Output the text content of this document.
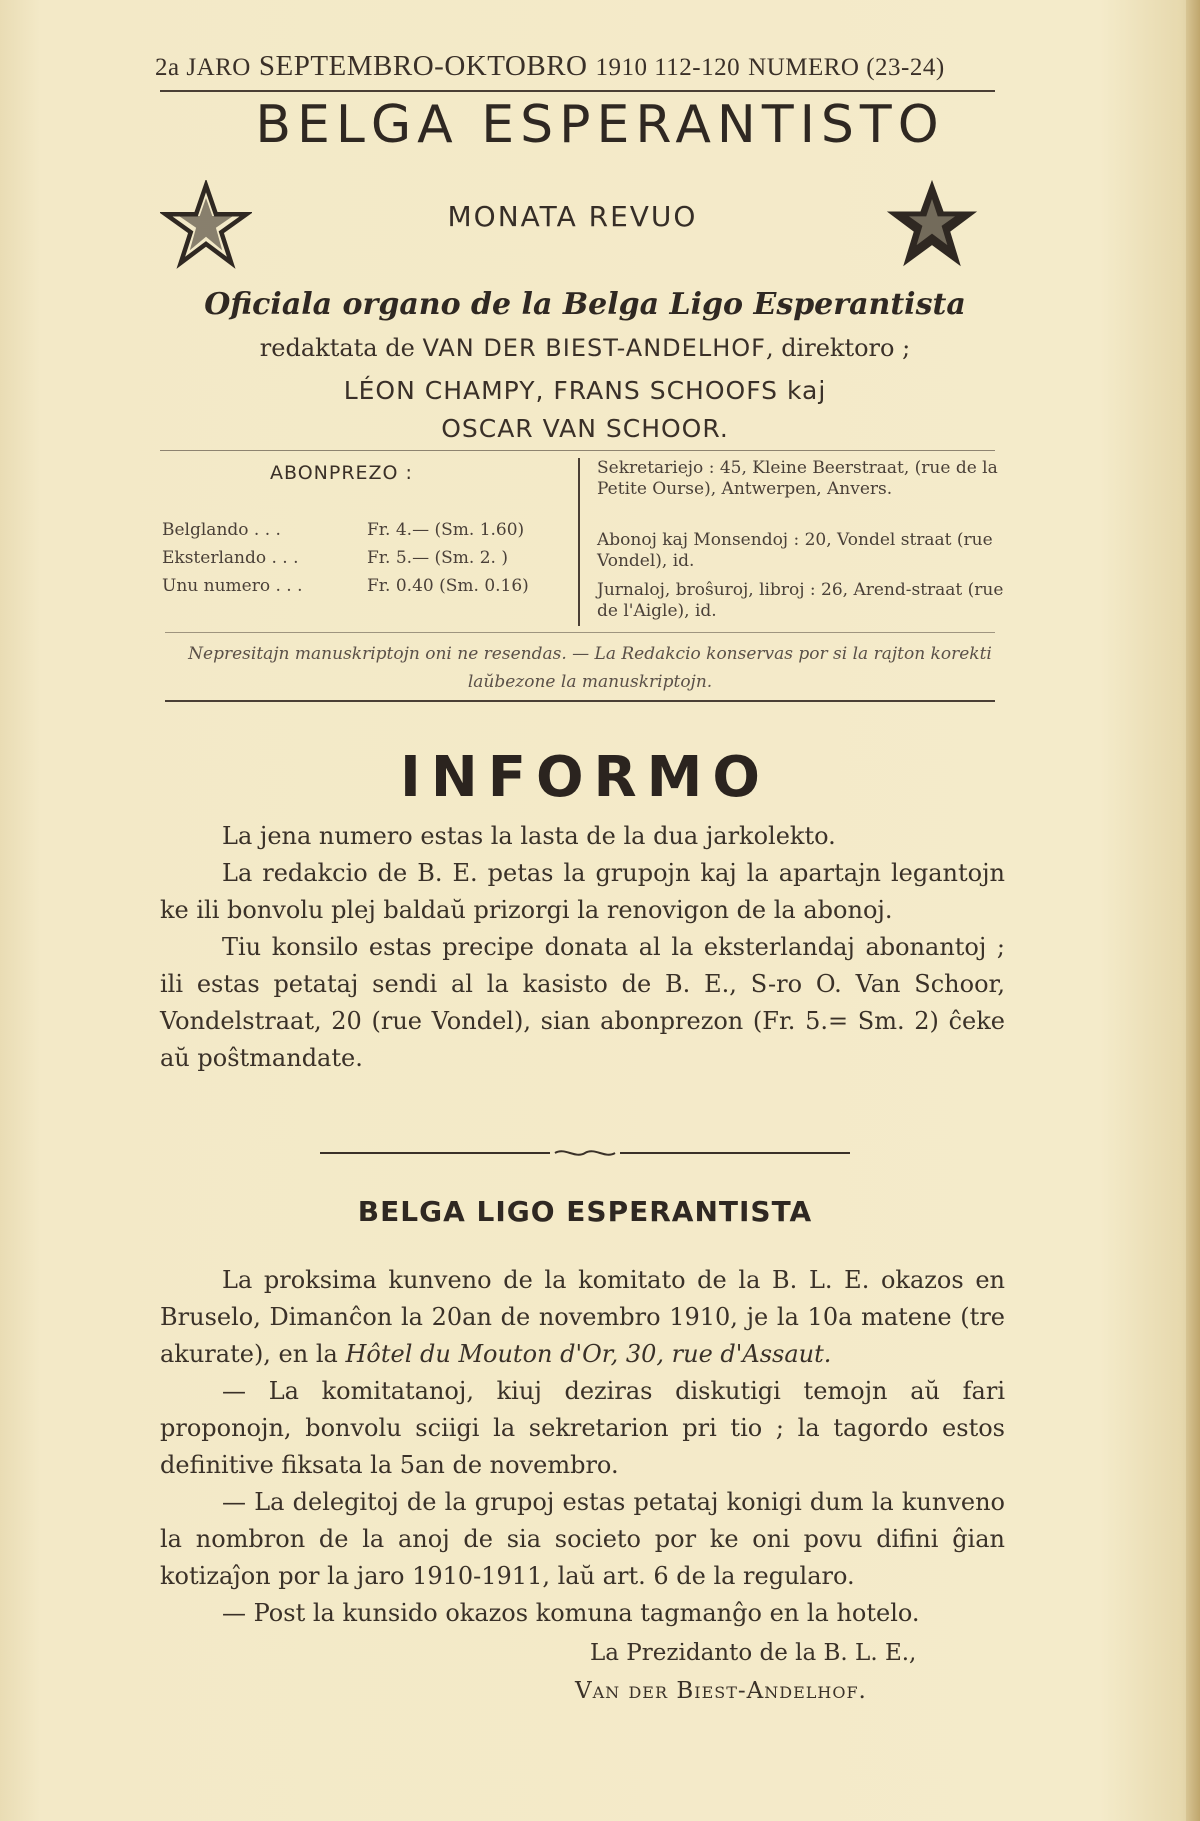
2a JARO SEPTEMBRO-OKTOBRO 1910 112-120 NUMERO (23-24)
BELGA ESPERANTISTO
MONATA REVUO
Oficiala organo de la Belga Ligo Esperantista
redaktata de VAN DER BIEST-ANDELHOF, direktoro ;
LÉON CHAMPY, FRANS SCHOOFS kaj
OSCAR VAN SCHOOR.
ABONPREZO :
Belglando . . .	Fr. 4.— (Sm. 1.60)
Eksterlando . . .	Fr. 5.— (Sm. 2. )
Unu numero . . .	Fr. 0.40 (Sm. 0.16)
Sekretariejo : 45, Kleine Beerstraat, (rue de la Petite Ourse), Antwerpen, Anvers.
Abonoj kaj Monsendoj : 20, Vondel straat (rue Vondel), id.
Jurnaloj, broŝuroj, libroj : 26, Arend-straat (rue de l'Aigle), id.
Nepresitajn manuskriptojn oni ne resendas. — La Redakcio konservas por si la rajton korekti laŭbezone la manuskriptojn.
INFORMO

La jena numero estas la lasta de la dua jarkolekto.

La redakcio de B. E. petas la grupojn kaj la apartajn legantojn ke ili bonvolu plej baldaŭ prizorgi la renovigon de la abonoj.

Tiu konsilo estas precipe donata al la eksterlandaj abonantoj ; ili estas petataj sendi al la kasisto de B. E., S-ro O. Van Schoor, Vondelstraat, 20 (rue Vondel), sian abonprezon (Fr. 5.= Sm. 2) ĉeke aŭ poŝtmandate.

BELGA LIGO ESPERANTISTA

La proksima kunveno de la komitato de la B. L. E. okazos en Bruselo, Dimanĉon la 20an de novembro 1910, je la 10a matene (tre akurate), en la Hôtel du Mouton d'Or, 30, rue d'Assaut.

— La komitatanoj, kiuj deziras diskutigi temojn aŭ fari proponojn, bonvolu sciigi la sekretarion pri tio ; la tagordo estos definitive fiksata la 5an de novembro.

— La delegitoj de la grupoj estas petataj konigi dum la kunveno la nombron de la anoj de sia societo por ke oni povu difini ĝian kotizaĵon por la jaro 1910-1911, laŭ art. 6 de la regularo.

— Post la kunsido okazos komuna tagmanĝo en la hotelo.

La Prezidanto de la B. L. E.,
Van der Biest-Andelhof.
